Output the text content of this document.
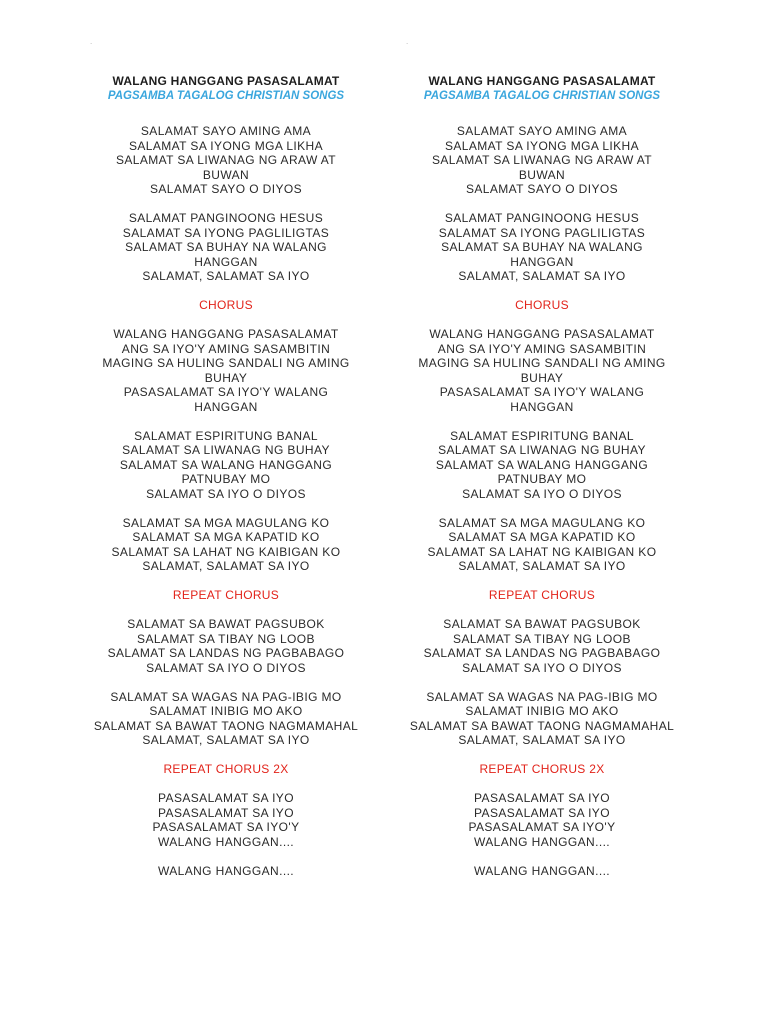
.	.
WALANG HANGGANG PASASALAMAT
PAGSAMBA TAGALOG CHRISTIAN SONGS
SALAMAT SAYO AMING AMA
SALAMAT SA IYONG MGA LIKHA
SALAMAT SA LIWANAG NG ARAW AT
BUWAN
SALAMAT SAYO O DIYOS
SALAMAT PANGINOONG HESUS
SALAMAT SA IYONG PAGLILIGTAS
SALAMAT SA BUHAY NA WALANG
HANGGAN
SALAMAT, SALAMAT SA IYO
CHORUS
WALANG HANGGANG PASASALAMAT
ANG SA IYO'Y AMING SASAMBITIN
MAGING SA HULING SANDALI NG AMING
BUHAY
PASASALAMAT SA IYO'Y WALANG
HANGGAN
SALAMAT ESPIRITUNG BANAL
SALAMAT SA LIWANAG NG BUHAY
SALAMAT SA WALANG HANGGANG
PATNUBAY MO
SALAMAT SA IYO O DIYOS
SALAMAT SA MGA MAGULANG KO
SALAMAT SA MGA KAPATID KO
SALAMAT SA LAHAT NG KAIBIGAN KO
SALAMAT, SALAMAT SA IYO
REPEAT CHORUS
SALAMAT SA BAWAT PAGSUBOK
SALAMAT SA TIBAY NG LOOB
SALAMAT SA LANDAS NG PAGBABAGO
SALAMAT SA IYO O DIYOS
SALAMAT SA WAGAS NA PAG-IBIG MO
SALAMAT INIBIG MO AKO
SALAMAT SA BAWAT TAONG NAGMAMAHAL
SALAMAT, SALAMAT SA IYO
REPEAT CHORUS 2X
PASASALAMAT SA IYO
PASASALAMAT SA IYO
PASASALAMAT SA IYO'Y
WALANG HANGGAN....
WALANG HANGGAN....
WALANG HANGGANG PASASALAMAT
PAGSAMBA TAGALOG CHRISTIAN SONGS
SALAMAT SAYO AMING AMA
SALAMAT SA IYONG MGA LIKHA
SALAMAT SA LIWANAG NG ARAW AT
BUWAN
SALAMAT SAYO O DIYOS
SALAMAT PANGINOONG HESUS
SALAMAT SA IYONG PAGLILIGTAS
SALAMAT SA BUHAY NA WALANG
HANGGAN
SALAMAT, SALAMAT SA IYO
CHORUS
WALANG HANGGANG PASASALAMAT
ANG SA IYO'Y AMING SASAMBITIN
MAGING SA HULING SANDALI NG AMING
BUHAY
PASASALAMAT SA IYO'Y WALANG
HANGGAN
SALAMAT ESPIRITUNG BANAL
SALAMAT SA LIWANAG NG BUHAY
SALAMAT SA WALANG HANGGANG
PATNUBAY MO
SALAMAT SA IYO O DIYOS
SALAMAT SA MGA MAGULANG KO
SALAMAT SA MGA KAPATID KO
SALAMAT SA LAHAT NG KAIBIGAN KO
SALAMAT, SALAMAT SA IYO
REPEAT CHORUS
SALAMAT SA BAWAT PAGSUBOK
SALAMAT SA TIBAY NG LOOB
SALAMAT SA LANDAS NG PAGBABAGO
SALAMAT SA IYO O DIYOS
SALAMAT SA WAGAS NA PAG-IBIG MO
SALAMAT INIBIG MO AKO
SALAMAT SA BAWAT TAONG NAGMAMAHAL
SALAMAT, SALAMAT SA IYO
REPEAT CHORUS 2X
PASASALAMAT SA IYO
PASASALAMAT SA IYO
PASASALAMAT SA IYO'Y
WALANG HANGGAN....
WALANG HANGGAN....
